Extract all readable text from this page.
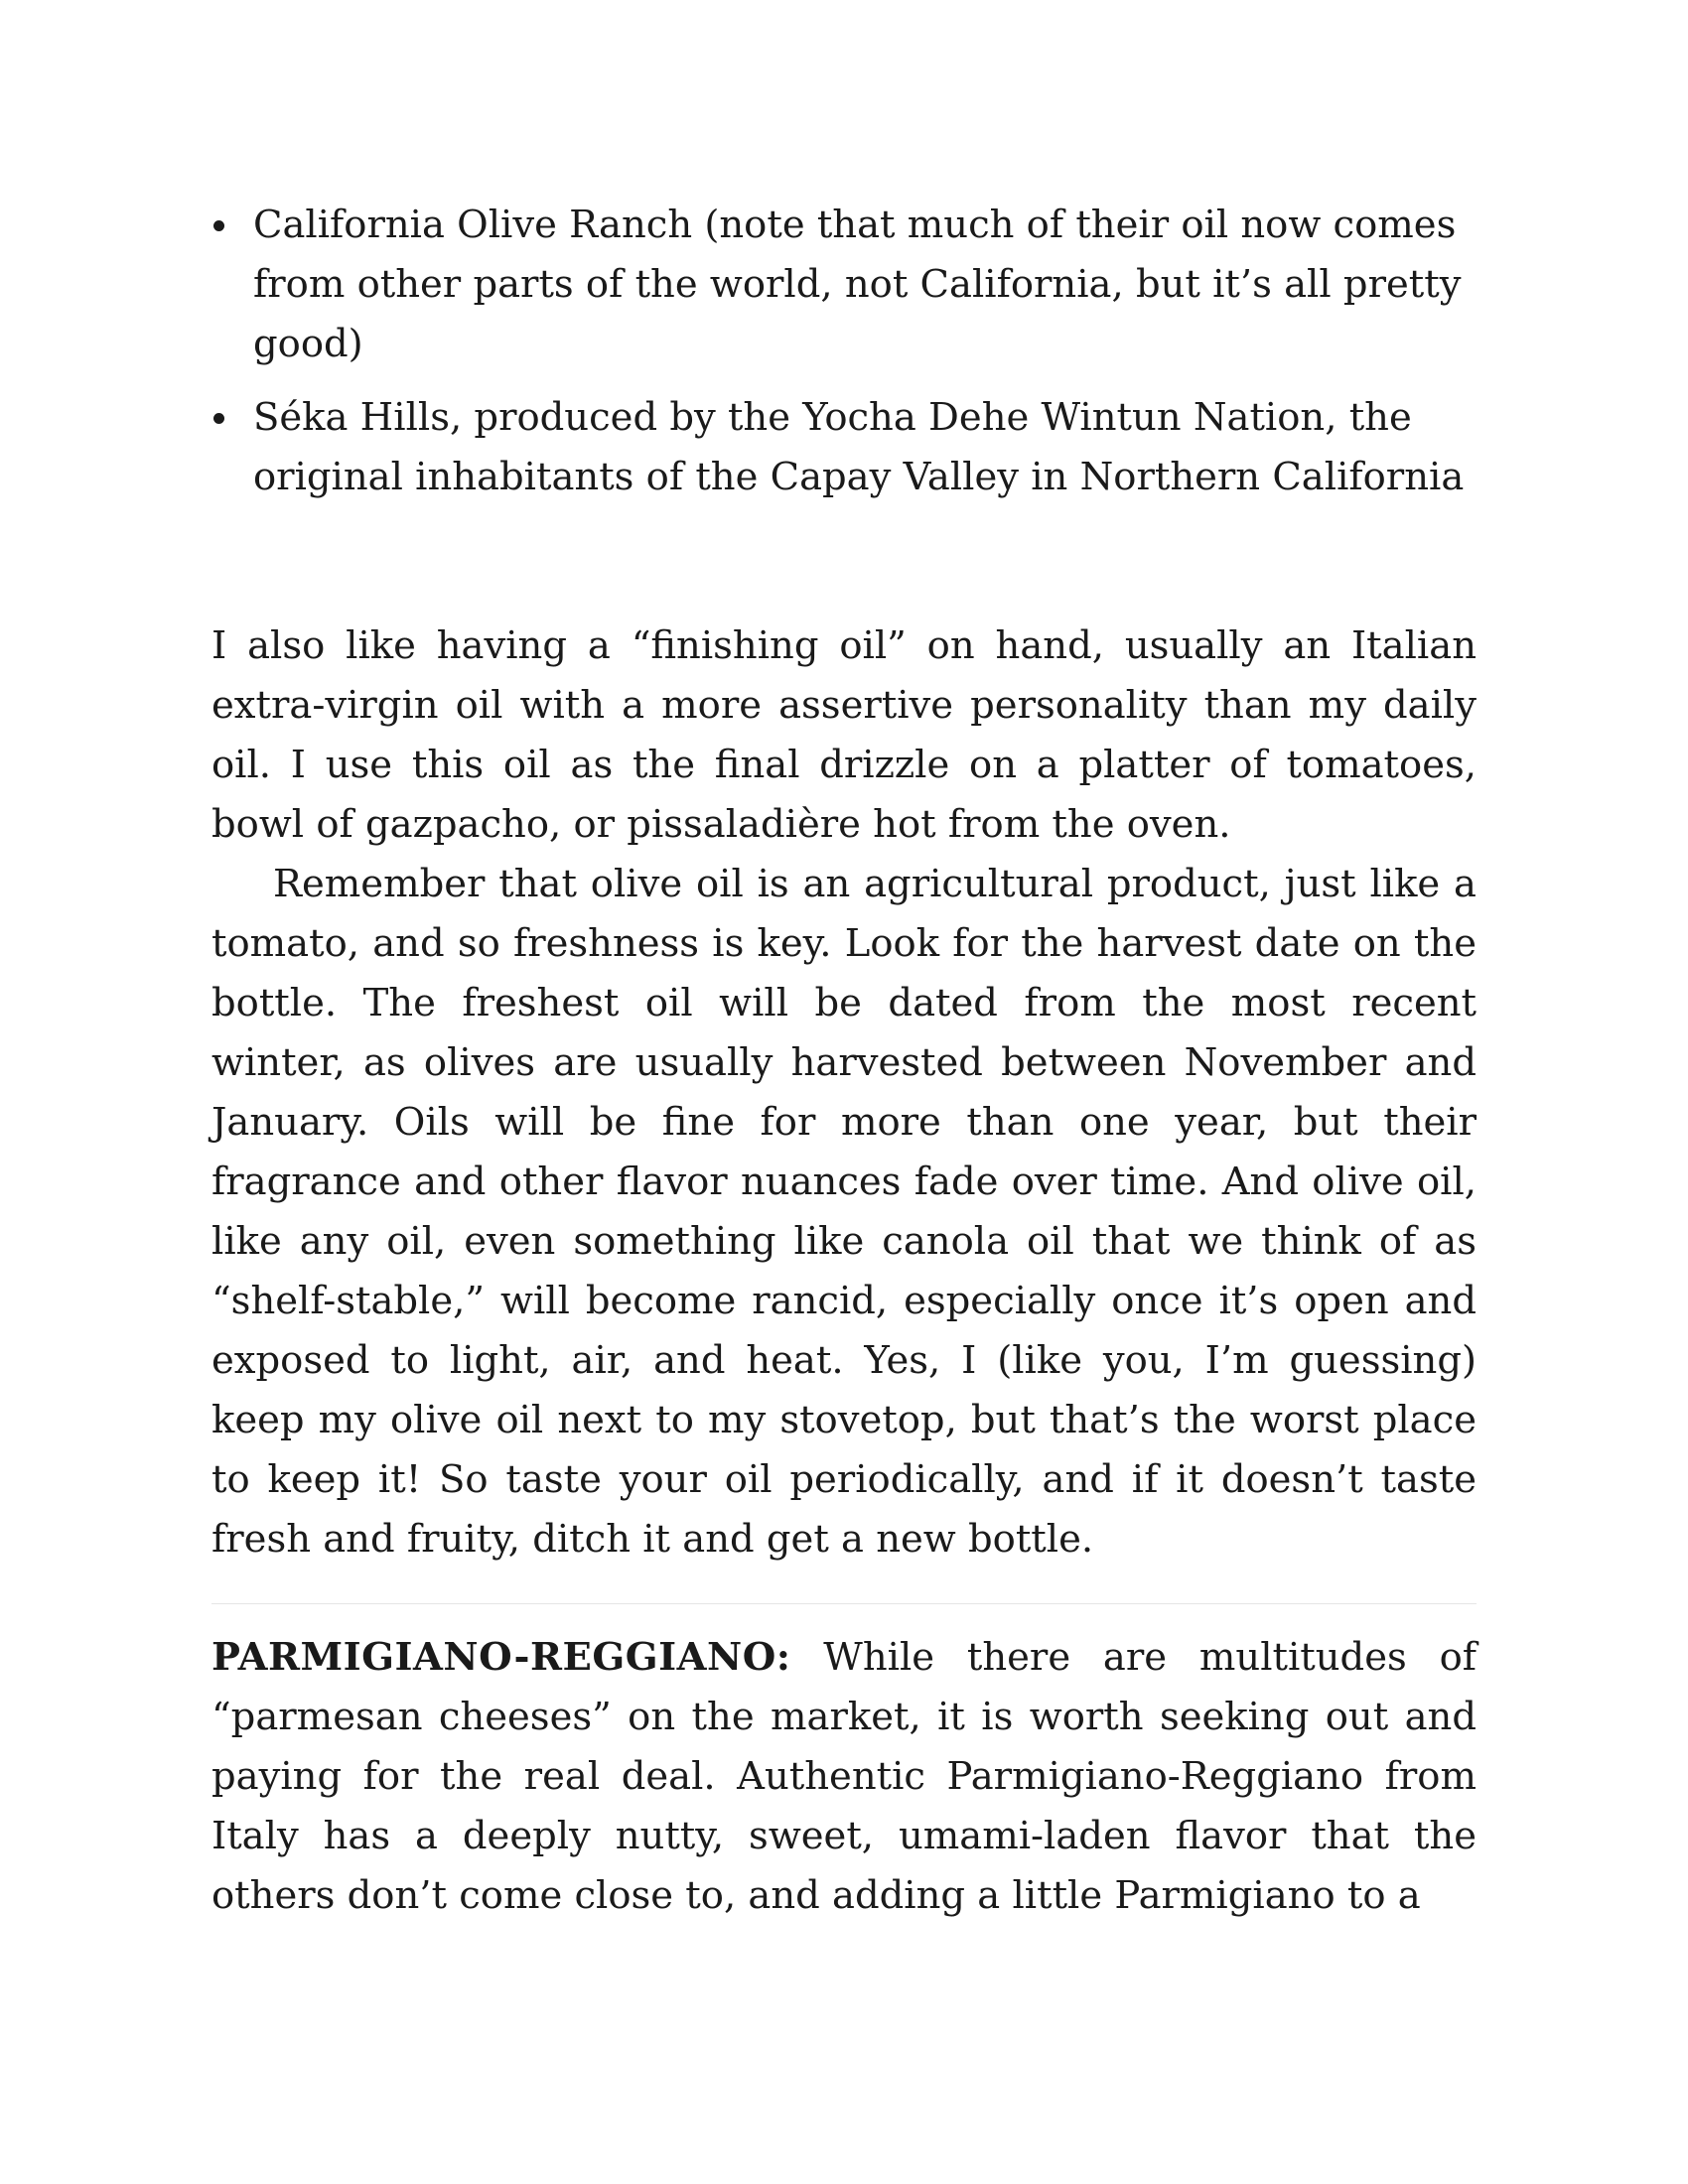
California Olive Ranch (note that much of their oil now comes from other parts of the world, not California, but it’s all pretty good)
Séka Hills, produced by the Yocha Dehe Wintun Nation, the original inhabitants of the Capay Valley in Northern California

I also like having a “finishing oil” on hand, usually an Italian extra-virgin oil with a more assertive personality than my daily oil. I use this oil as the final drizzle on a platter of tomatoes, bowl of gazpacho, or pissaladière hot from the oven.

Remember that olive oil is an agricultural product, just like a tomato, and so freshness is key. Look for the harvest date on the bottle. The freshest oil will be dated from the most recent winter, as olives are usually harvested between November and January. Oils will be fine for more than one year, but their fragrance and other flavor nuances fade over time. And olive oil, like any oil, even something like canola oil that we think of as “shelf-stable,” will become rancid, especially once it’s open and exposed to light, air, and heat. Yes, I (like you, I’m guessing) keep my olive oil next to my stovetop, but that’s the worst place to keep it! So taste your oil periodically, and if it doesn’t taste fresh and fruity, ditch it and get a new bottle.

PARMIGIANO-REGGIANO: While there are multitudes of “parmesan cheeses” on the market, it is worth seeking out and paying for the real deal. Authentic Parmigiano-Reggiano from Italy has a deeply nutty, sweet, umami-laden flavor that the others don’t come close to, and adding a little Parmigiano to a
